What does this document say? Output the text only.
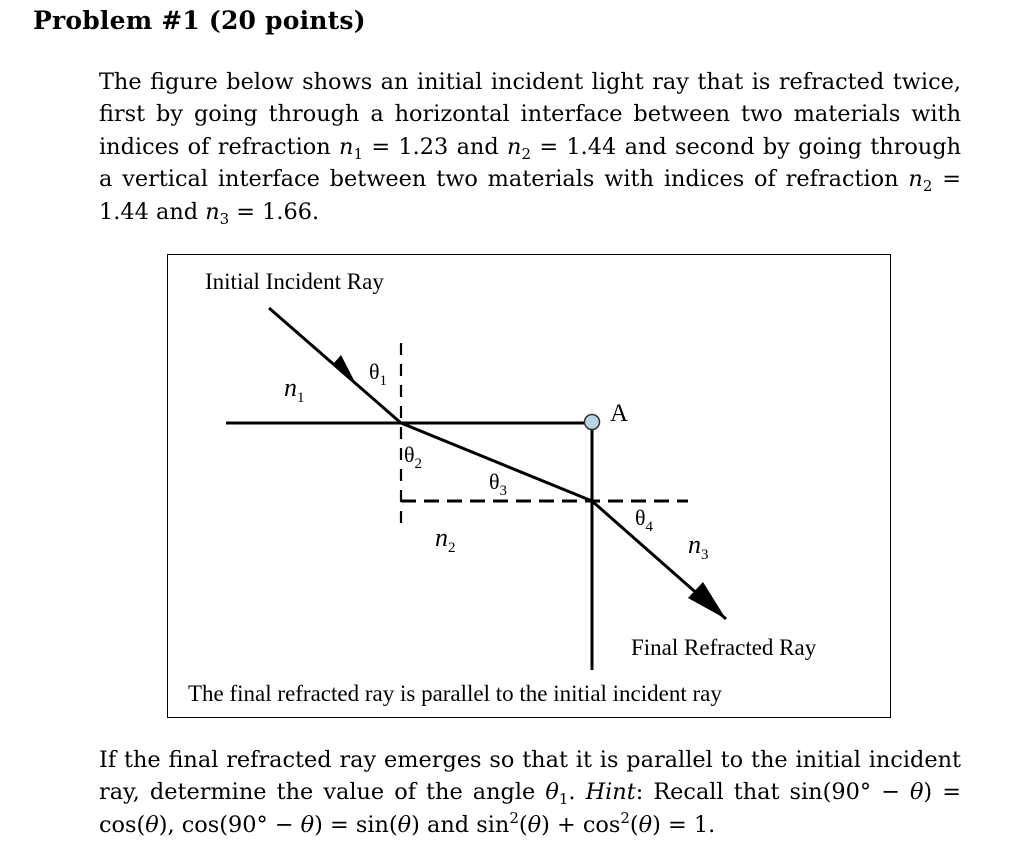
Problem #1 (20 points)
The figure below shows an initial incident light ray that is refracted twice, first by going through a horizontal interface between two materials with indices of refraction $n_1 = 1.23$ and $n_2 = 1.44$ and second by going through a vertical interface between two materials with indices of refraction $n_2 = 1.44$ and $n_3 = 1.66$.
Initial Incident Ray
$n_1$
$n_2$	$n_3$
$\theta_1$
$\theta_2$
$\theta_3$
$\theta_4$
A
Final Refracted Ray
The final refracted ray is parallel to the initial incident ray
If the final refracted ray emerges so that it is parallel to the initial incident ray, determine the value of the angle $\theta_1$. Hint: Recall that sin(90° − θ) = cos(θ), cos(90° − θ) = sin(θ) and $\sin^2(\theta) + \cos^2(\theta) = 1$.
